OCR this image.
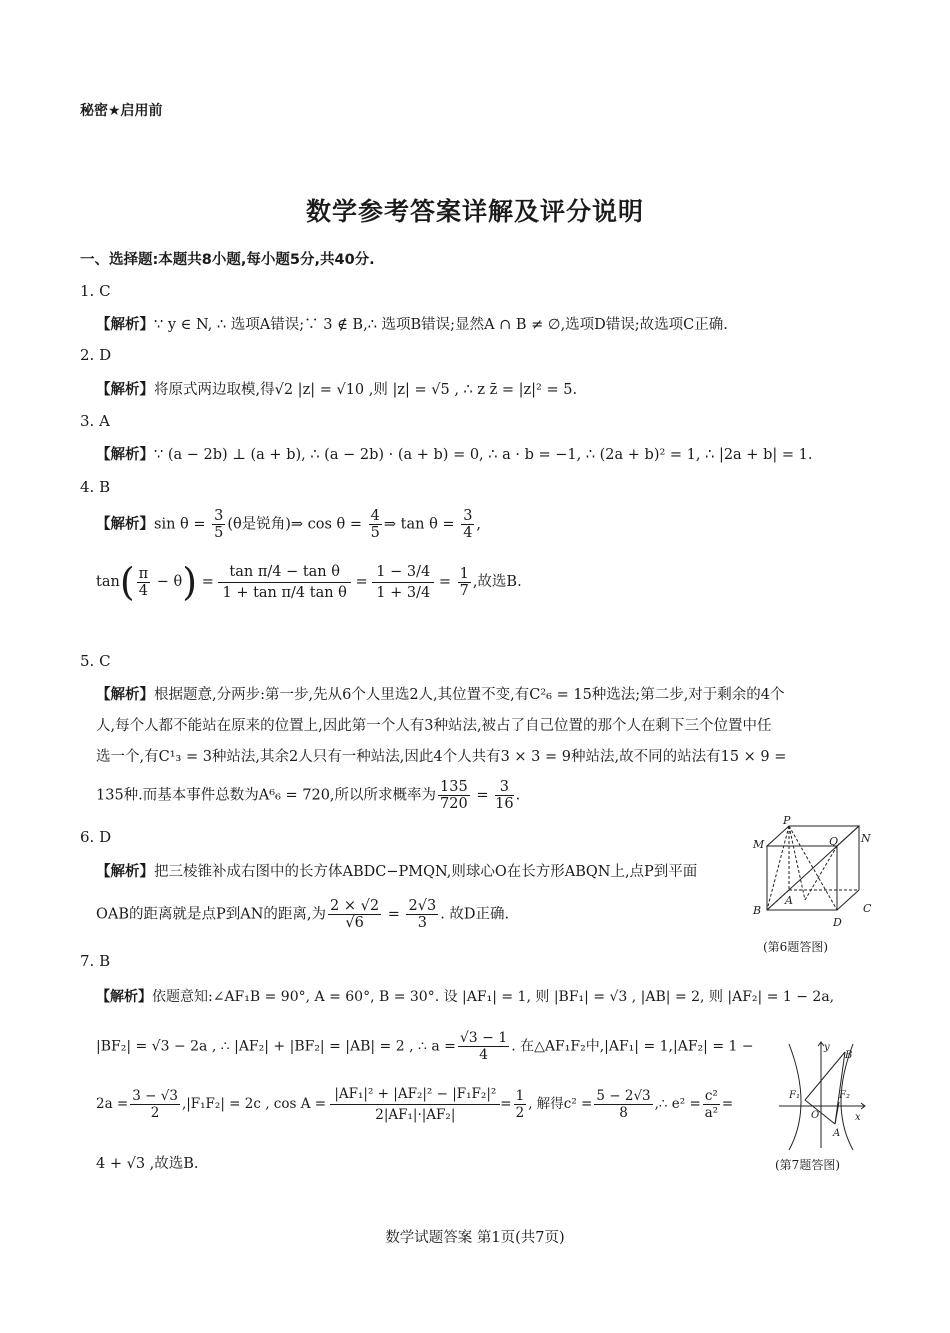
秘密★启用前
数学参考答案详解及评分说明
一、选择题:本题共8小题,每小题5分,共40分.
1. C
【解析】∵ y ∈ N, ∴ 选项A错误;∵ 3 ∉ B,∴ 选项B错误;显然A ∩ B ≠ ∅,选项D错误;故选项C正确.
2. D
【解析】将原式两边取模,得√2 |z| = √10 ,则 |z| = √5 , ∴ z z̄ = |z|² = 5.
3. A
【解析】∵ (a − 2b) ⊥ (a + b), ∴ (a − 2b) · (a + b) = 0, ∴ a · b = −1, ∴ (2a + b)² = 1, ∴ |2a + b| = 1.
4. B
【解析】$\sin \theta = \frac{3}{5} (\theta$是锐角)⇒ $\cos \theta = \frac{4}{5}$ ⇒ $\tan \theta = \frac{3}{4}$ ,
$\tan( \frac{\pi}{4} - \theta) = \frac{\text{tan π/4 − tan θ}}{\text{1 + tan π/4 tan θ}} = \frac{1 - 3/4}{1 + 3/4} = \frac{1}{7}$ ,故选B.
5. C
【解析】根据题意,分两步:第一步,先从6个人里选2人,其位置不变,有C²₆ = 15种选法;第二步,对于剩余的4个
人,每个人都不能站在原来的位置上,因此第一个人有3种站法,被占了自己位置的那个人在剩下三个位置中任
选一个,有C¹₃ = 3种站法,其余2人只有一种站法,因此4个人共有3 × 3 = 9种站法,故不同的站法有15 × 9 =
135种.而基本事件总数为A⁶₆ = 720,所以所求概率为 $\frac{135}{720} = \frac{3}{16}$ .
6. D
【解析】把三棱锥补成右图中的长方体ABDC−PMQN,则球心O在长方形ABQN上,点P到平面
OAB的距离就是点P到AN的距离,为 $\frac{2 \times √2}{√6} = \frac{2√3}{3}$ . 故D正确.
P
M	Q N
A
B	C
D
(第6题答图)
7. B
【解析】依题意知:∠AF₁B = 90°, A = 60°, B = 30°. 设 |AF₁| = 1, 则 |BF₁| = √3 , |AB| = 2, 则 |AF₂| = 1 − 2a,
|BF₂| = √3 − 2a , ∴ |AF₂| + |BF₂| = |AB| = 2 , ∴ $a = \frac{√3 - 1}{4}$ . 在△AF₁F₂中,|AF₁| = 1,|AF₂| = 1 −
$2a = \frac{3 - √3}{2} ,|F_1F_2| = 2c$ , $\cos A = \frac{\text{|AF₁|² + |AF₂|² − |F₁F₂|²}}{\text{2|AF₁|·|AF₂|}} = \frac{1}{2}$ , 解得$c^2 = \frac{5 - 2√3}{8}$ ,∴ $e^2 = \frac{\text{c²}}{\text{a²}}$ =
4 + √3 ,故选B.
y
B
F₁
O
F₂
x
A
(第7题答图)
数学试题答案 第1页(共7页)
